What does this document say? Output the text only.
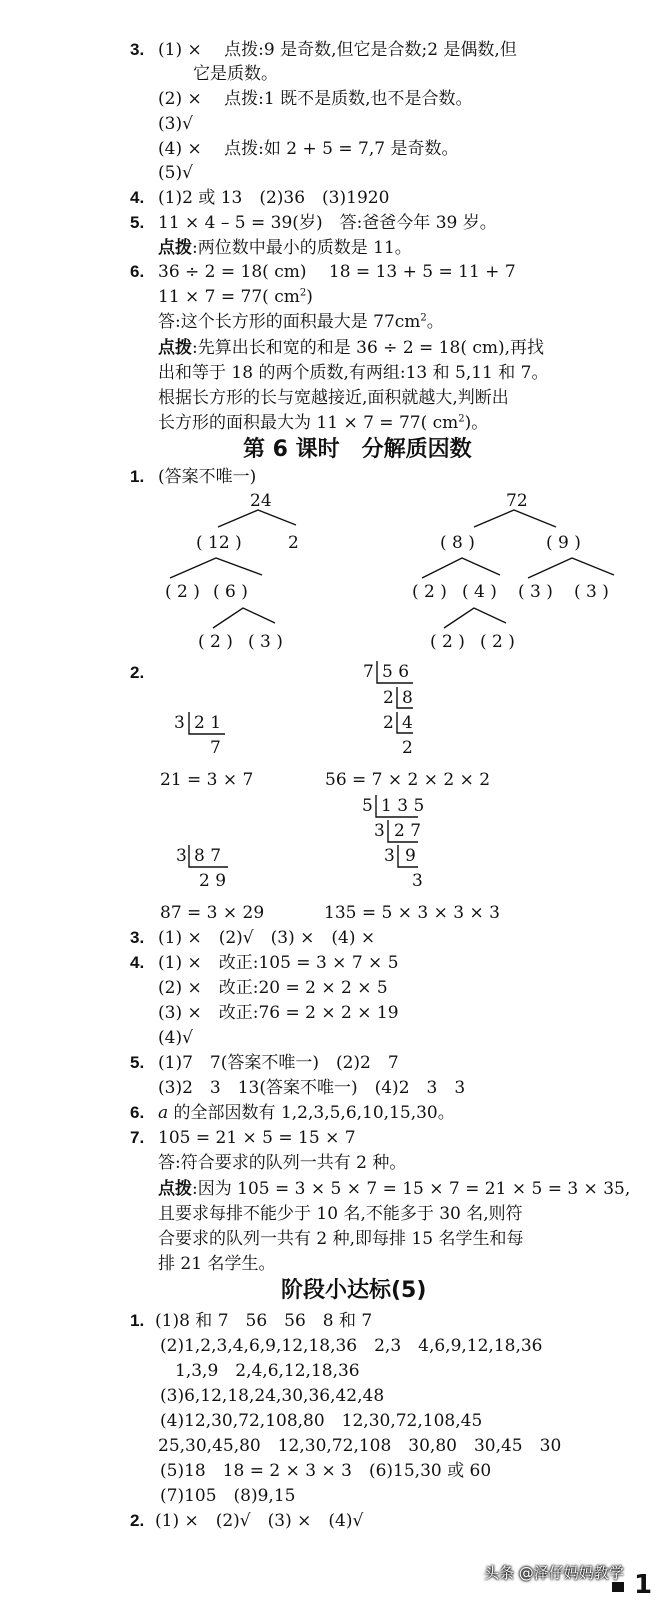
3. (1) ×　 点拨:9 是奇数,但它是合数;2 是偶数,但
它是质数。
(2) ×　 点拨:1 既不是质数,也不是合数。
(3)√
(4) ×　 点拨:如 2 + 5 = 7,7 是奇数。
(5)√
4. (1)2 或 13　(2)36　(3)1920
5. 11 × 4 – 5 = 39(岁)　答:爸爸今年 39 岁。
点拨:两位数中最小的质数是 11。
6. 36 ÷ 2 = 18( cm)　 18 = 13 + 5 = 11 + 7
11 × 7 = 77( $cm^2$)
答:这个长方形的面积最大是 $77cm^2$。
点拨:先算出长和宽的和是 36 ÷ 2 = 18( cm),再找
出和等于 18 的两个质数,有两组:13 和 5,11 和 7。
根据长方形的长与宽越接近,面积就越大,判断出
长方形的面积最大为 11 × 7 = 77( $cm^2$)。
第 6 课时　分解质因数
1. (答案不唯一)
24
( 12 )	2
( 2 ) ( 6 )
( 2 ) ( 3 )
72
( 8 )	( 9 )
( 2 ) ( 4 ) ( 3 ) ( 3 )
( 2 ) ( 2 )
2.
3 2 1
7
21 = 3 × 7
7 5 6
2 8
2 4
2
56 = 7 × 2 × 2 × 2
5 1 3 5
3 2 7
3 9
3
135 = 5 × 3 × 3 × 3
3 8 7
2 9
87 = 3 × 29
3. (1) ×　(2)√　(3) ×　(4) ×
4. (1) ×　改正:105 = 3 × 7 × 5
(2) ×　改正:20 = 2 × 2 × 5
(3) ×　改正:76 = 2 × 2 × 19
(4)√
5. (1)7　7(答案不唯一)　(2)2　7
(3)2　3　13(答案不唯一)　(4)2　3　3
6. a 的全部因数有 1,2,3,5,6,10,15,30。
7. 105 = 21 × 5 = 15 × 7
答:符合要求的队列一共有 2 种。
点拨:因为 105 = 3 × 5 × 7 = 15 × 7 = 21 × 5 = 3 × 35,
且要求每排不能少于 10 名,不能多于 30 名,则符
合要求的队列一共有 2 种,即每排 15 名学生和每
排 21 名学生。
阶段小达标(5)
1. (1)8 和 7　56　56　8 和 7
(2)1,2,3,4,6,9,12,18,36　2,3　4,6,9,12,18,36
1,3,9　2,4,6,12,18,36
(3)6,12,18,24,30,36,42,48
(4)12,30,72,108,80　12,30,72,108,45
25,30,45,80　12,30,72,108　30,80　30,45　30
(5)18　18 = 2 × 3 × 3　(6)15,30 或 60
(7)105　(8)9,15
2. (1) ×　(2)√　(3) ×　(4)√
头条 @泽仔妈妈教学 1
